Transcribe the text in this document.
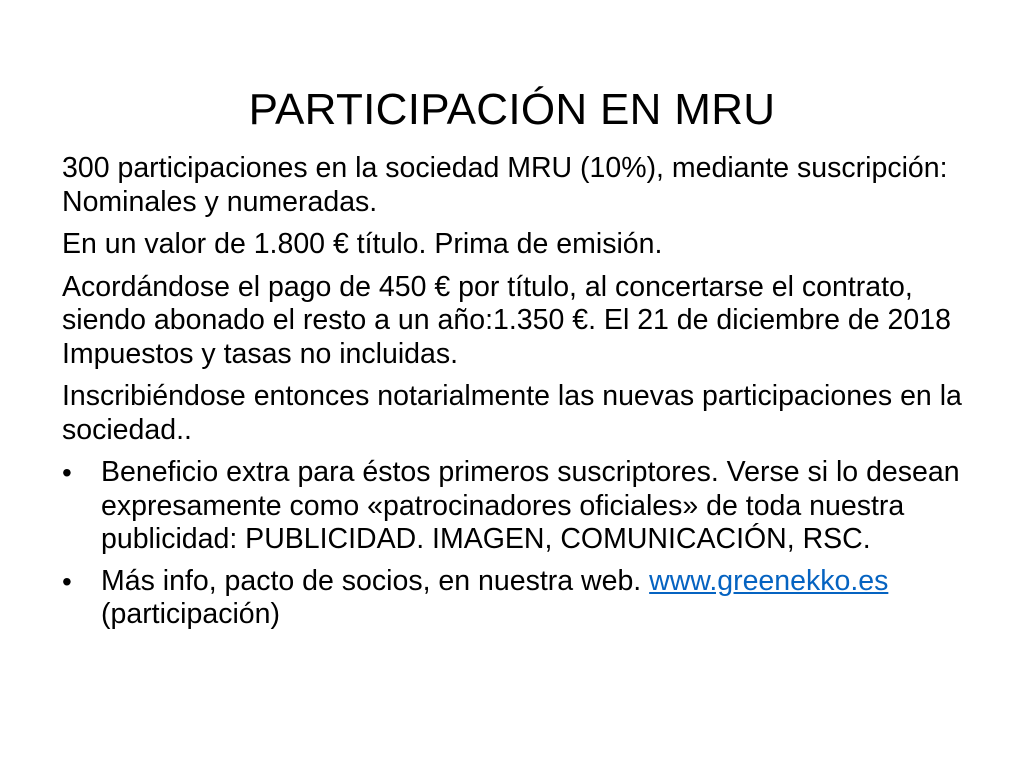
PARTICIPACIÓN EN MRU

300 participaciones en la sociedad MRU (10%), mediante suscripción: Nominales y numeradas.

En un valor de 1.800 € título. Prima de emisión.

Acordándose el pago de 450 € por título, al concertarse el contrato, siendo abonado el resto a un año:1.350 €. El 21 de diciembre de 2018 Impuestos y tasas no incluidas.

Inscribiéndose entonces notarialmente las nuevas participaciones en la sociedad..

• Beneficio extra para éstos primeros suscriptores. Verse si lo desean expresamente como «patrocinadores oficiales» de toda nuestra publicidad: PUBLICIDAD. IMAGEN, COMUNICACIÓN, RSC.
• Más info, pacto de socios, en nuestra web. www.greenekko.es (participación)
